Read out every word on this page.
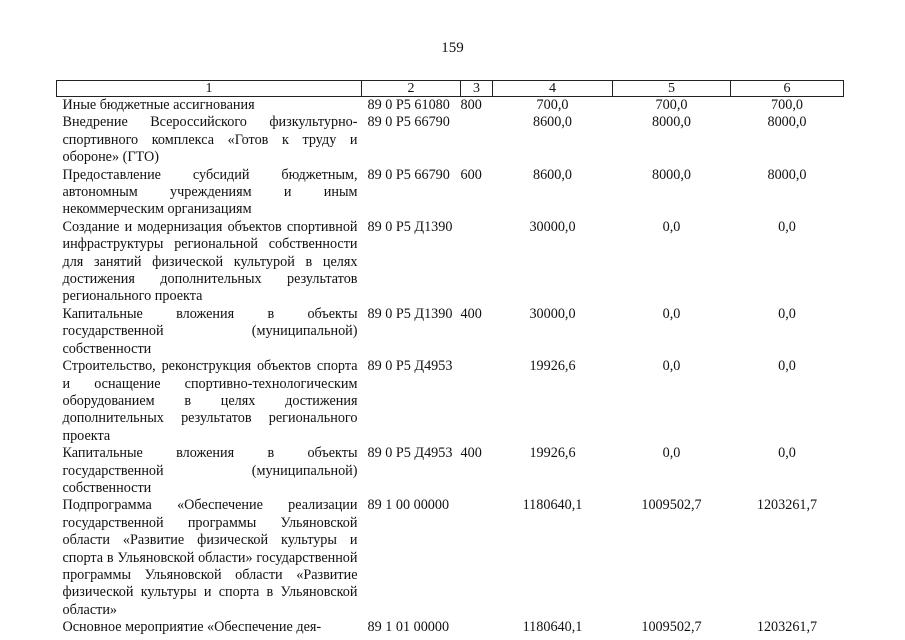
159
1	2	3	4	5	6
Иные бюджетные ассигнования	89 0 P5 61080	800	700,0	700,0	700,0
Внедрение Всероссийского физкультурно-спортивного комплекса «Готов к труду и обороне» (ГТО)	89 0 P5 66790		8600,0	8000,0	8000,0
Предоставление субсидий бюджетным, автономным учреждениям и иным некоммерческим организациям	89 0 P5 66790	600	8600,0	8000,0	8000,0
Создание и модернизация объектов спортивной инфраструктуры региональной собственности для занятий физической культурой в целях достижения дополнительных результатов регионального проекта	89 0 P5 Д1390		30000,0	0,0	0,0
Капитальные вложения в объекты государственной (муниципальной) собственности	89 0 P5 Д1390	400	30000,0	0,0	0,0
Строительство, реконструкция объектов спорта и оснащение спортивно-технологическим оборудованием в целях достижения дополнительных результатов регионального проекта	89 0 P5 Д4953		19926,6	0,0	0,0
Капитальные вложения в объекты государственной (муниципальной) собственности	89 0 P5 Д4953	400	19926,6	0,0	0,0
Подпрограмма «Обеспечение реализации государственной программы Ульяновской области «Развитие физической культуры и спорта в Ульяновской области» государственной программы Ульяновской области «Развитие физической культуры и спорта в Ульяновской области»	89 1 00 00000		1180640,1	1009502,7	1203261,7
Основное мероприятие «Обеспечение дея-	89 1 01 00000		1180640,1	1009502,7	1203261,7
